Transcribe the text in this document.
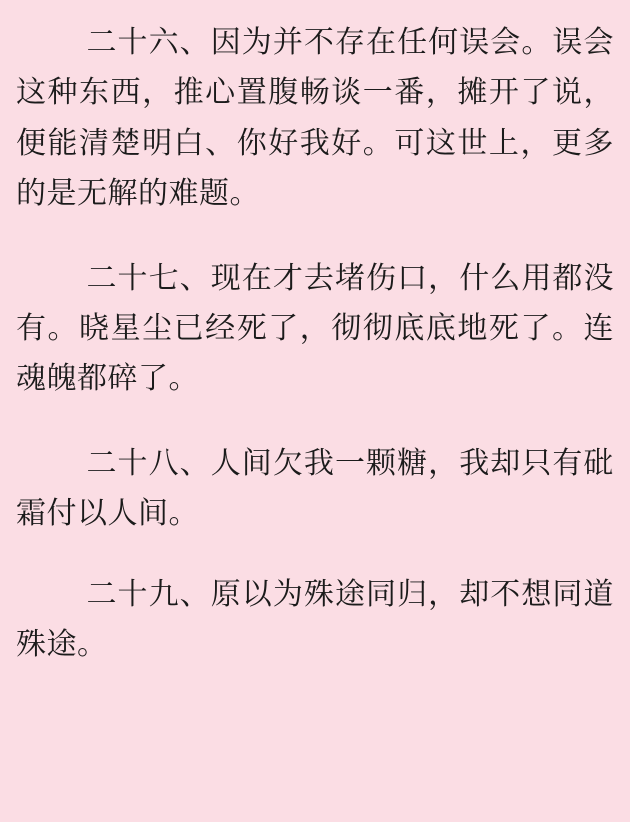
二十六、因为并不存在任何误会。误会这种东西，推心置腹畅谈一番，摊开了说，便能清楚明白、你好我好。可这世上，更多的是无解的难题。

二十七、现在才去堵伤口，什么用都没有。晓星尘已经死了，彻彻底底地死了。连魂魄都碎了。

二十八、人间欠我一颗糖，我却只有砒霜付以人间。

二十九、原以为殊途同归，却不想同道殊途。
